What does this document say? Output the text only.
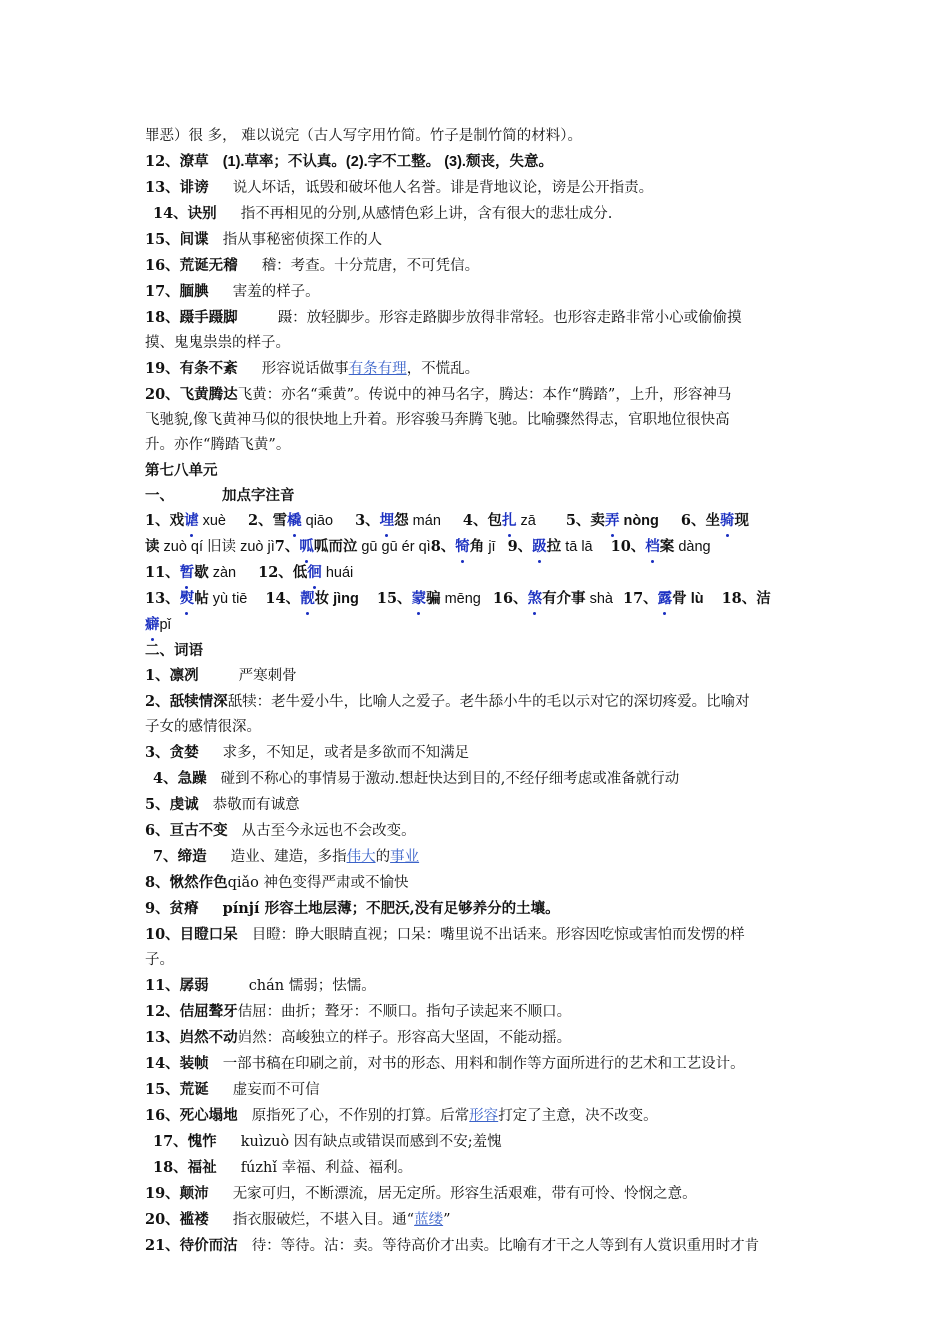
罪恶）很 多， 难以说完（古人写字用竹简。竹子是制竹简的材料）。

12、潦草 (1).草率；不认真。(2).字不工整。 (3).颓丧，失意。

13、诽谤 说人坏话，诋毁和破坏他人名誉。诽是背地议论，谤是公开指责。

14、诀别 指不再相见的分别,从感情色彩上讲，含有很大的悲壮成分.

15、间谍 指从事秘密侦探工作的人

16、荒诞无稽 稽：考查。十分荒唐，不可凭信。

17、腼腆 害羞的样子。

18、蹑手蹑脚	蹑：放轻脚步。形容走路脚步放得非常轻。也形容走路非常小心或偷偷摸

摸、鬼鬼祟祟的样子。

19、有条不紊 形容说话做事有条有理，不慌乱。

20、飞黄腾达飞黄：亦名“乘黄”。传说中的神马名字，腾达：本作“腾踏”，上升，形容神马

飞驰貌,像飞黄神马似的很快地上升着。形容骏马奔腾飞驰。比喻骤然得志，官职地位很快高

升。亦作“腾踏飞黄”。

第七八单元

一、	加点字注音

1、戏谑 xuè 2、雪橇 qiāo 3、埋怨 mán 4、包扎 zā 5、卖弄 nòng 6、坐骑现

读 zuò qí 旧读 zuò jì7、呱呱而泣 gū gū ér qì8、犄角 jī 9、趿拉 tā lā 10、档案 dàng

11、暂歇 zàn 12、低徊 huái

13、熨帖 yù tiē 14、靓妆 jìng 15、蒙骗 mēng 16、煞有介事 shà 17、露骨 lù 18、洁

癖pǐ

二、词语

1、凛冽	严寒刺骨

2、舐犊情深舐犊：老牛爱小牛，比喻人之爱子。老牛舔小牛的毛以示对它的深切疼爱。比喻对

子女的感情很深。

3、贪婪 求多，不知足，或者是多欲而不知满足

4、急躁 碰到不称心的事情易于激动.想赶快达到目的,不经仔细考虑或准备就行动

5、虔诚 恭敬而有诚意

6、亘古不变 从古至今永远也不会改变。

7、缔造 造业、建造，多指伟大的事业

8、愀然作色qiǎo 神色变得严肃或不愉快

9、贫瘠 pínjí 形容土地层薄；不肥沃,没有足够养分的土壤。

10、目瞪口呆 目瞪：睁大眼睛直视；口呆：嘴里说不出话来。形容因吃惊或害怕而发愣的样

子。

11、孱弱	chán 懦弱；怯懦。

12、佶屈聱牙佶屈：曲折；聱牙：不顺口。指句子读起来不顺口。

13、岿然不动岿然：高峻独立的样子。形容高大坚固，不能动摇。

14、装帧 一部书稿在印刷之前，对书的形态、用料和制作等方面所进行的艺术和工艺设计。

15、荒诞 虚妄而不可信

16、死心塌地 原指死了心，不作别的打算。后常形容打定了主意，决不改变。

17、愧怍 kuìzuò 因有缺点或错误而感到不安;羞愧

18、福祉 fúzhǐ 幸福、利益、福利。

19、颠沛 无家可归，不断漂流，居无定所。形容生活艰难，带有可怜、怜悯之意。

20、褴褛 指衣服破烂，不堪入目。通“蓝缕”

21、待价而沽 待：等待。沽：卖。等待高价才出卖。比喻有才干之人等到有人赏识重用时才肯
